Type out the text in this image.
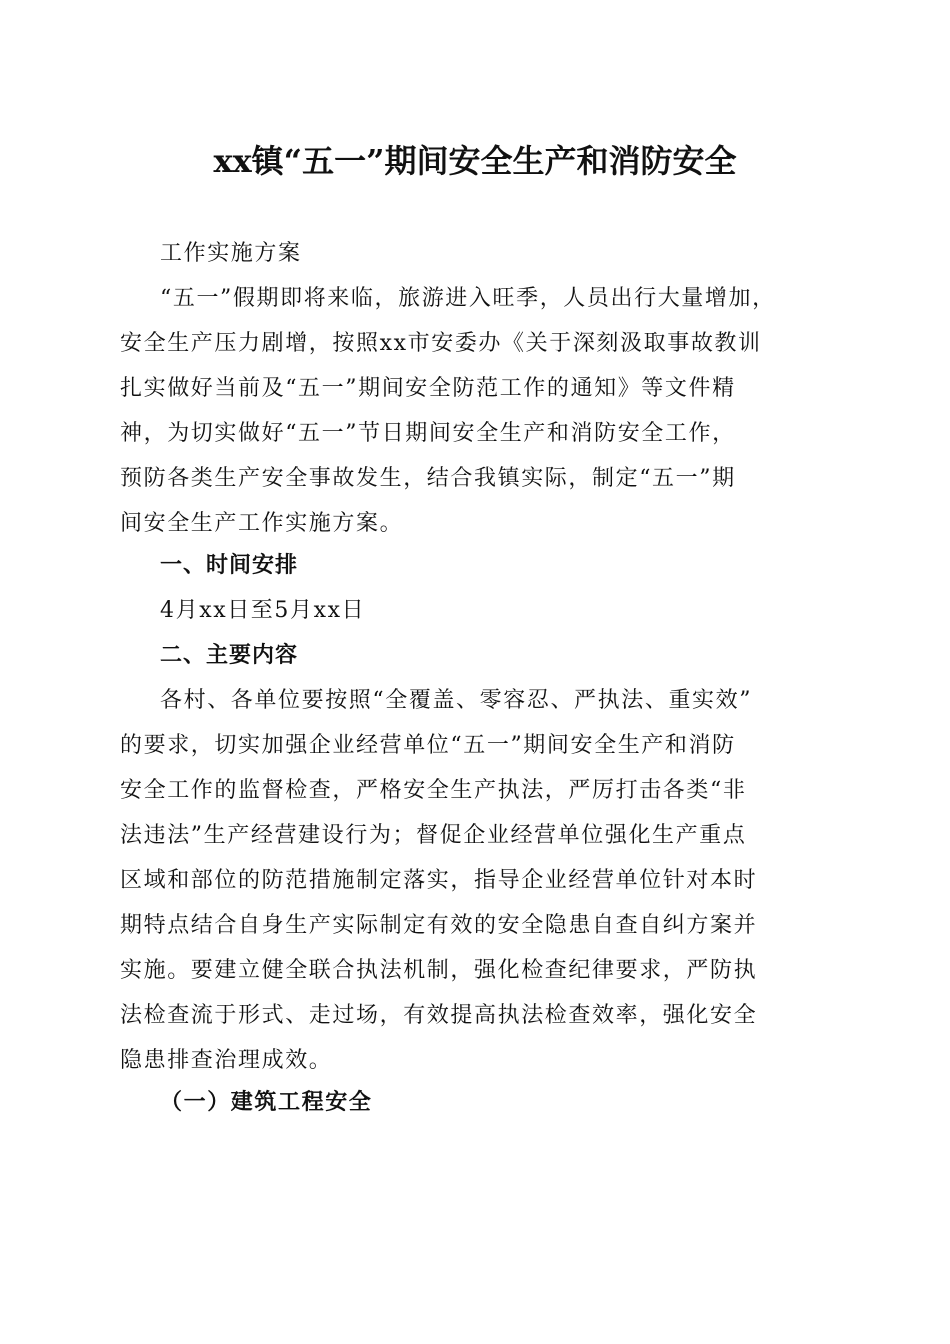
xx镇“五一”期间安全生产和消防安全
工作实施方案
“五一”假期即将来临，旅游进入旺季，人员出行大量增加，
安全生产压力剧增，按照xx市安委办《关于深刻汲取事故教训
扎实做好当前及“五一”期间安全防范工作的通知》等文件精
神，为切实做好“五一”节日期间安全生产和消防安全工作，
预防各类生产安全事故发生，结合我镇实际，制定“五一”期
间安全生产工作实施方案。
一、时间安排
4月xx日至5月xx日
二、主要内容
各村、各单位要按照“全覆盖、零容忍、严执法、重实效”
的要求，切实加强企业经营单位“五一”期间安全生产和消防
安全工作的监督检查，严格安全生产执法，严厉打击各类“非
法违法”生产经营建设行为；督促企业经营单位强化生产重点
区域和部位的防范措施制定落实，指导企业经营单位针对本时
期特点结合自身生产实际制定有效的安全隐患自查自纠方案并
实施。要建立健全联合执法机制，强化检查纪律要求，严防执
法检查流于形式、走过场，有效提高执法检查效率，强化安全
隐患排查治理成效。
（一）建筑工程安全
